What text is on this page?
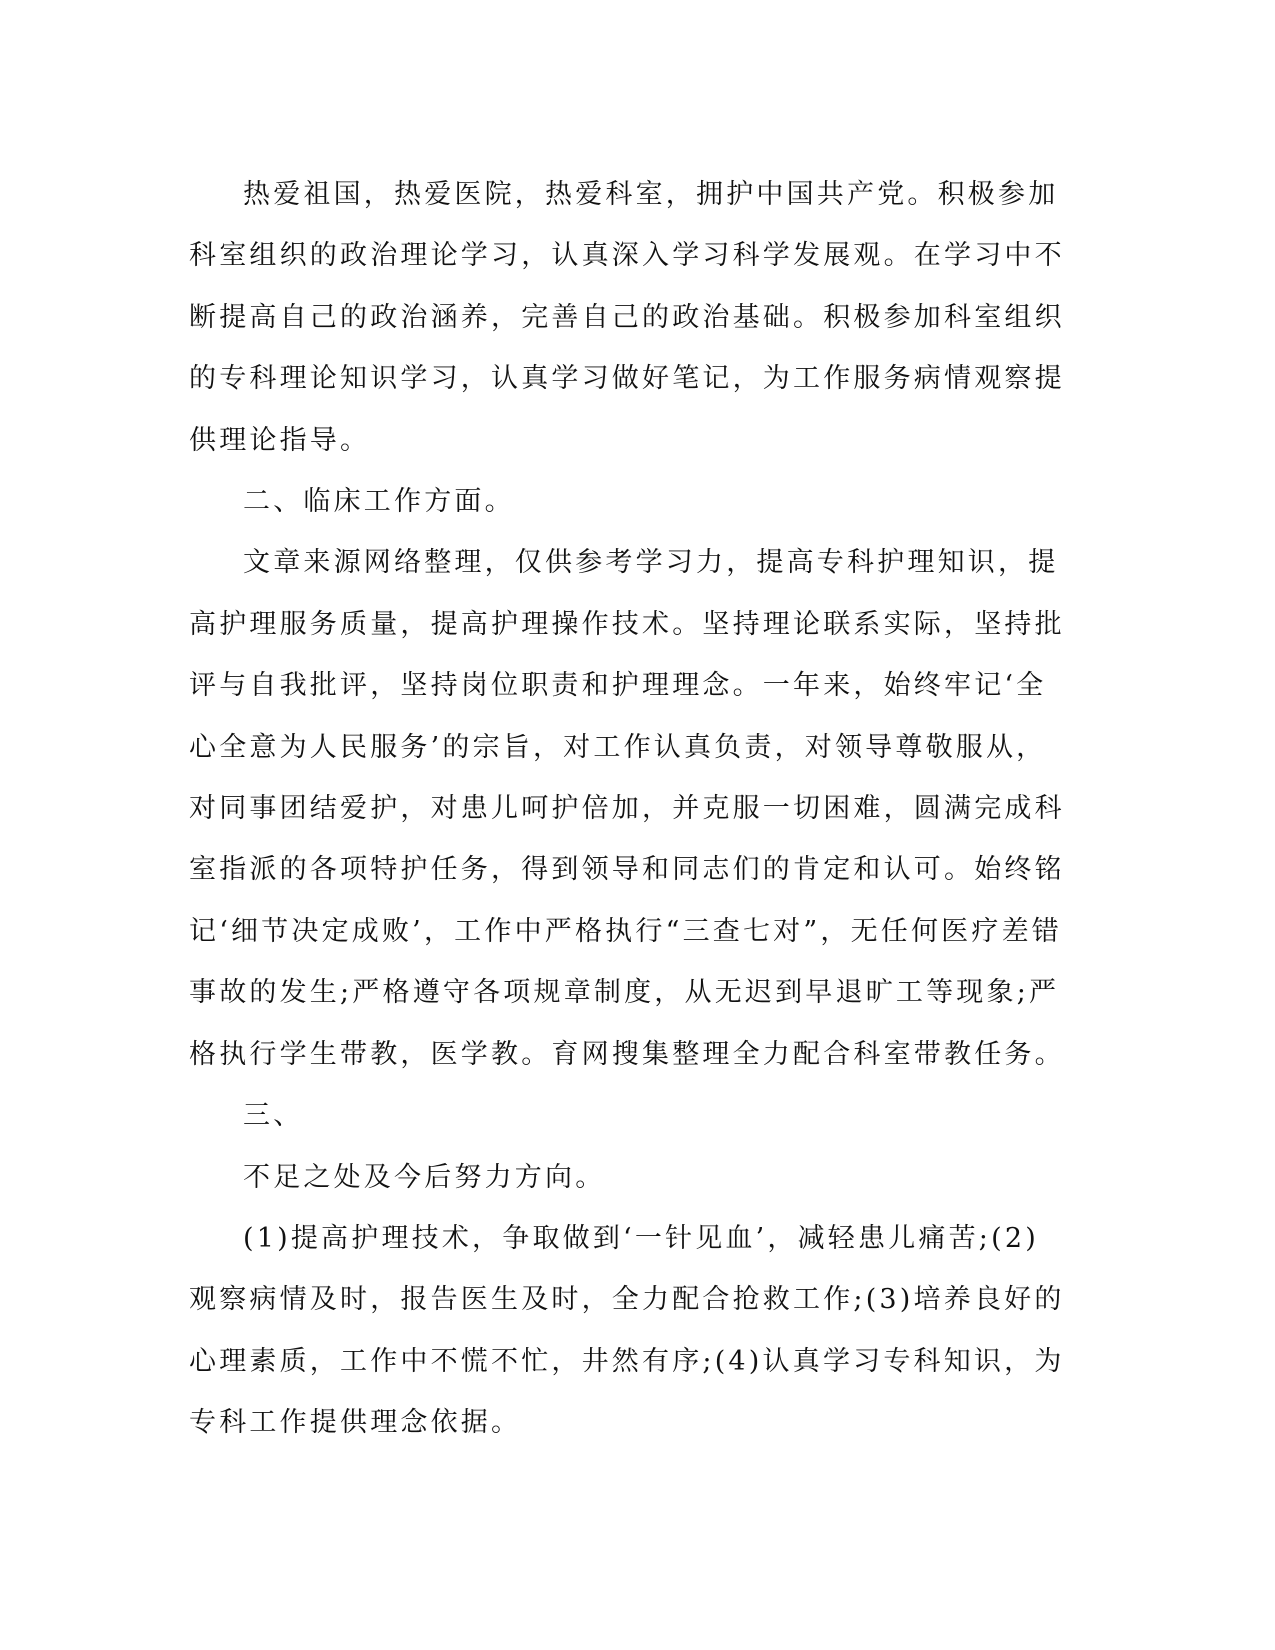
热爱祖国，热爱医院，热爱科室，拥护中国共产党。积极参加科室组织的政治理论学习，认真深入学习科学发展观。在学习中不断提高自己的政治涵养，完善自己的政治基础。积极参加科室组织的专科理论知识学习，认真学习做好笔记，为工作服务病情观察提供理论指导。

二、临床工作方面。

文章来源网络整理，仅供参考学习力，提高专科护理知识，提高护理服务质量，提高护理操作技术。坚持理论联系实际，坚持批评与自我批评，坚持岗位职责和护理理念。一年来，始终牢记‘全心全意为人民服务’的宗旨，对工作认真负责，对领导尊敬服从，对同事团结爱护，对患儿呵护倍加，并克服一切困难，圆满完成科室指派的各项特护任务，得到领导和同志们的肯定和认可。始终铭记‘细节决定成败’，工作中严格执行“三查七对”，无任何医疗差错事故的发生;严格遵守各项规章制度，从无迟到早退旷工等现象;严格执行学生带教，医学教。育网搜集整理全力配合科室带教任务。

三、

不足之处及今后努力方向。

(1)提高护理技术，争取做到‘一针见血’，减轻患儿痛苦;(2)观察病情及时，报告医生及时，全力配合抢救工作;(3)培养良好的心理素质，工作中不慌不忙，井然有序;(4)认真学习专科知识，为专科工作提供理念依据。
